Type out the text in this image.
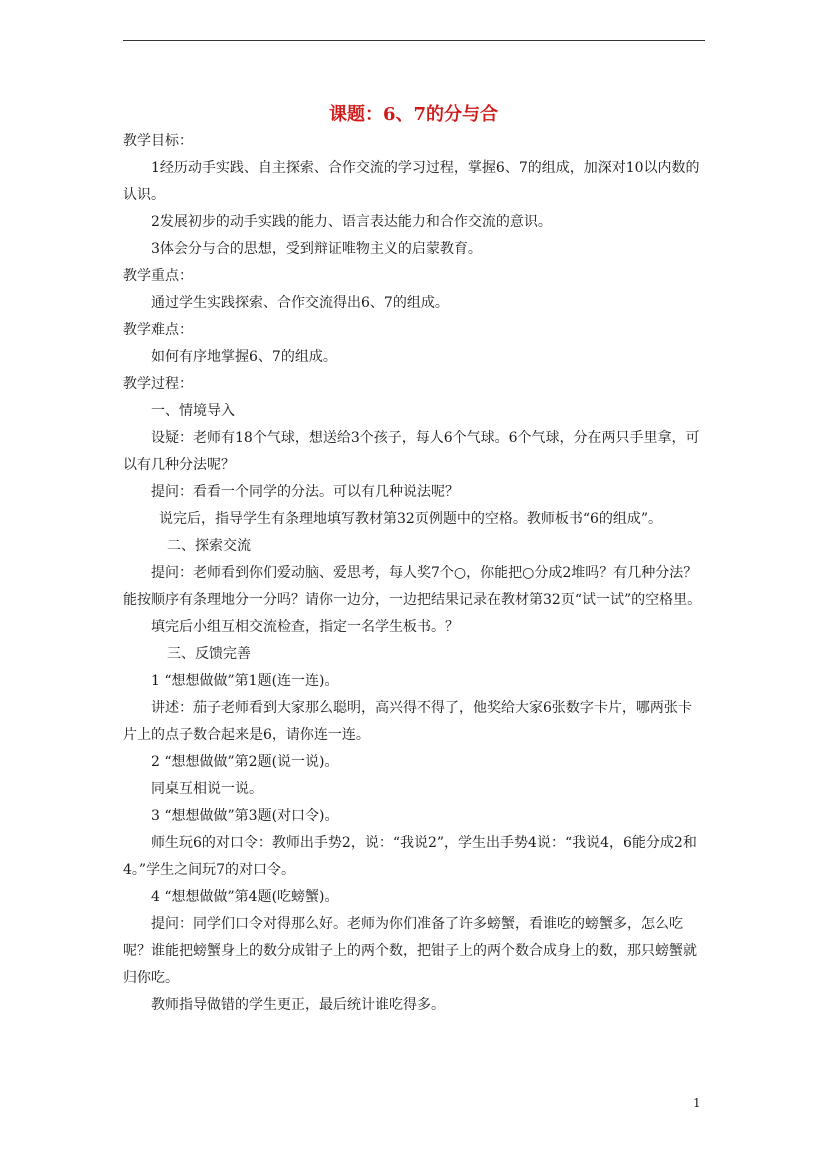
课题：6、7的分与合

教学目标：

1经历动手实践、自主探索、合作交流的学习过程，掌握6、7的组成，加深对10以内数的认识。

2发展初步的动手实践的能力、语言表达能力和合作交流的意识。

3体会分与合的思想，受到辩证唯物主义的启蒙教育。

教学重点：

通过学生实践探索、合作交流得出6、7的组成。

教学难点：

如何有序地掌握6、7的组成。

教学过程：

一、情境导入

设疑：老师有18个气球，想送给3个孩子，每人6个气球。6个气球，分在两只手里拿，可以有几种分法呢？

提问：看看一个同学的分法。可以有几种说法呢？

说完后，指导学生有条理地填写教材第32页例题中的空格。教师板书“6的组成”。

二、探索交流

提问：老师看到你们爱动脑、爱思考，每人奖7个○，你能把○分成2堆吗？有几种分法？能按顺序有条理地分一分吗？请你一边分，一边把结果记录在教材第32页“试一试”的空格里。

填完后小组互相交流检查，指定一名学生板书。？

三、反馈完善

1 “想想做做”第1题(连一连)。

讲述：茄子老师看到大家那么聪明，高兴得不得了，他奖给大家6张数字卡片，哪两张卡片上的点子数合起来是6，请你连一连。

2 “想想做做”第2题(说一说)。

同桌互相说一说。

3 “想想做做”第3题(对口令)。

师生玩6的对口令：教师出手势2，说：“我说2”，学生出手势4说：“我说4，6能分成2和4。”学生之间玩7的对口令。

4 “想想做做”第4题(吃螃蟹)。

提问：同学们口令对得那么好。老师为你们准备了许多螃蟹，看谁吃的螃蟹多，怎么吃呢？谁能把螃蟹身上的数分成钳子上的两个数，把钳子上的两个数合成身上的数，那只螃蟹就归你吃。

教师指导做错的学生更正，最后统计谁吃得多。

1
